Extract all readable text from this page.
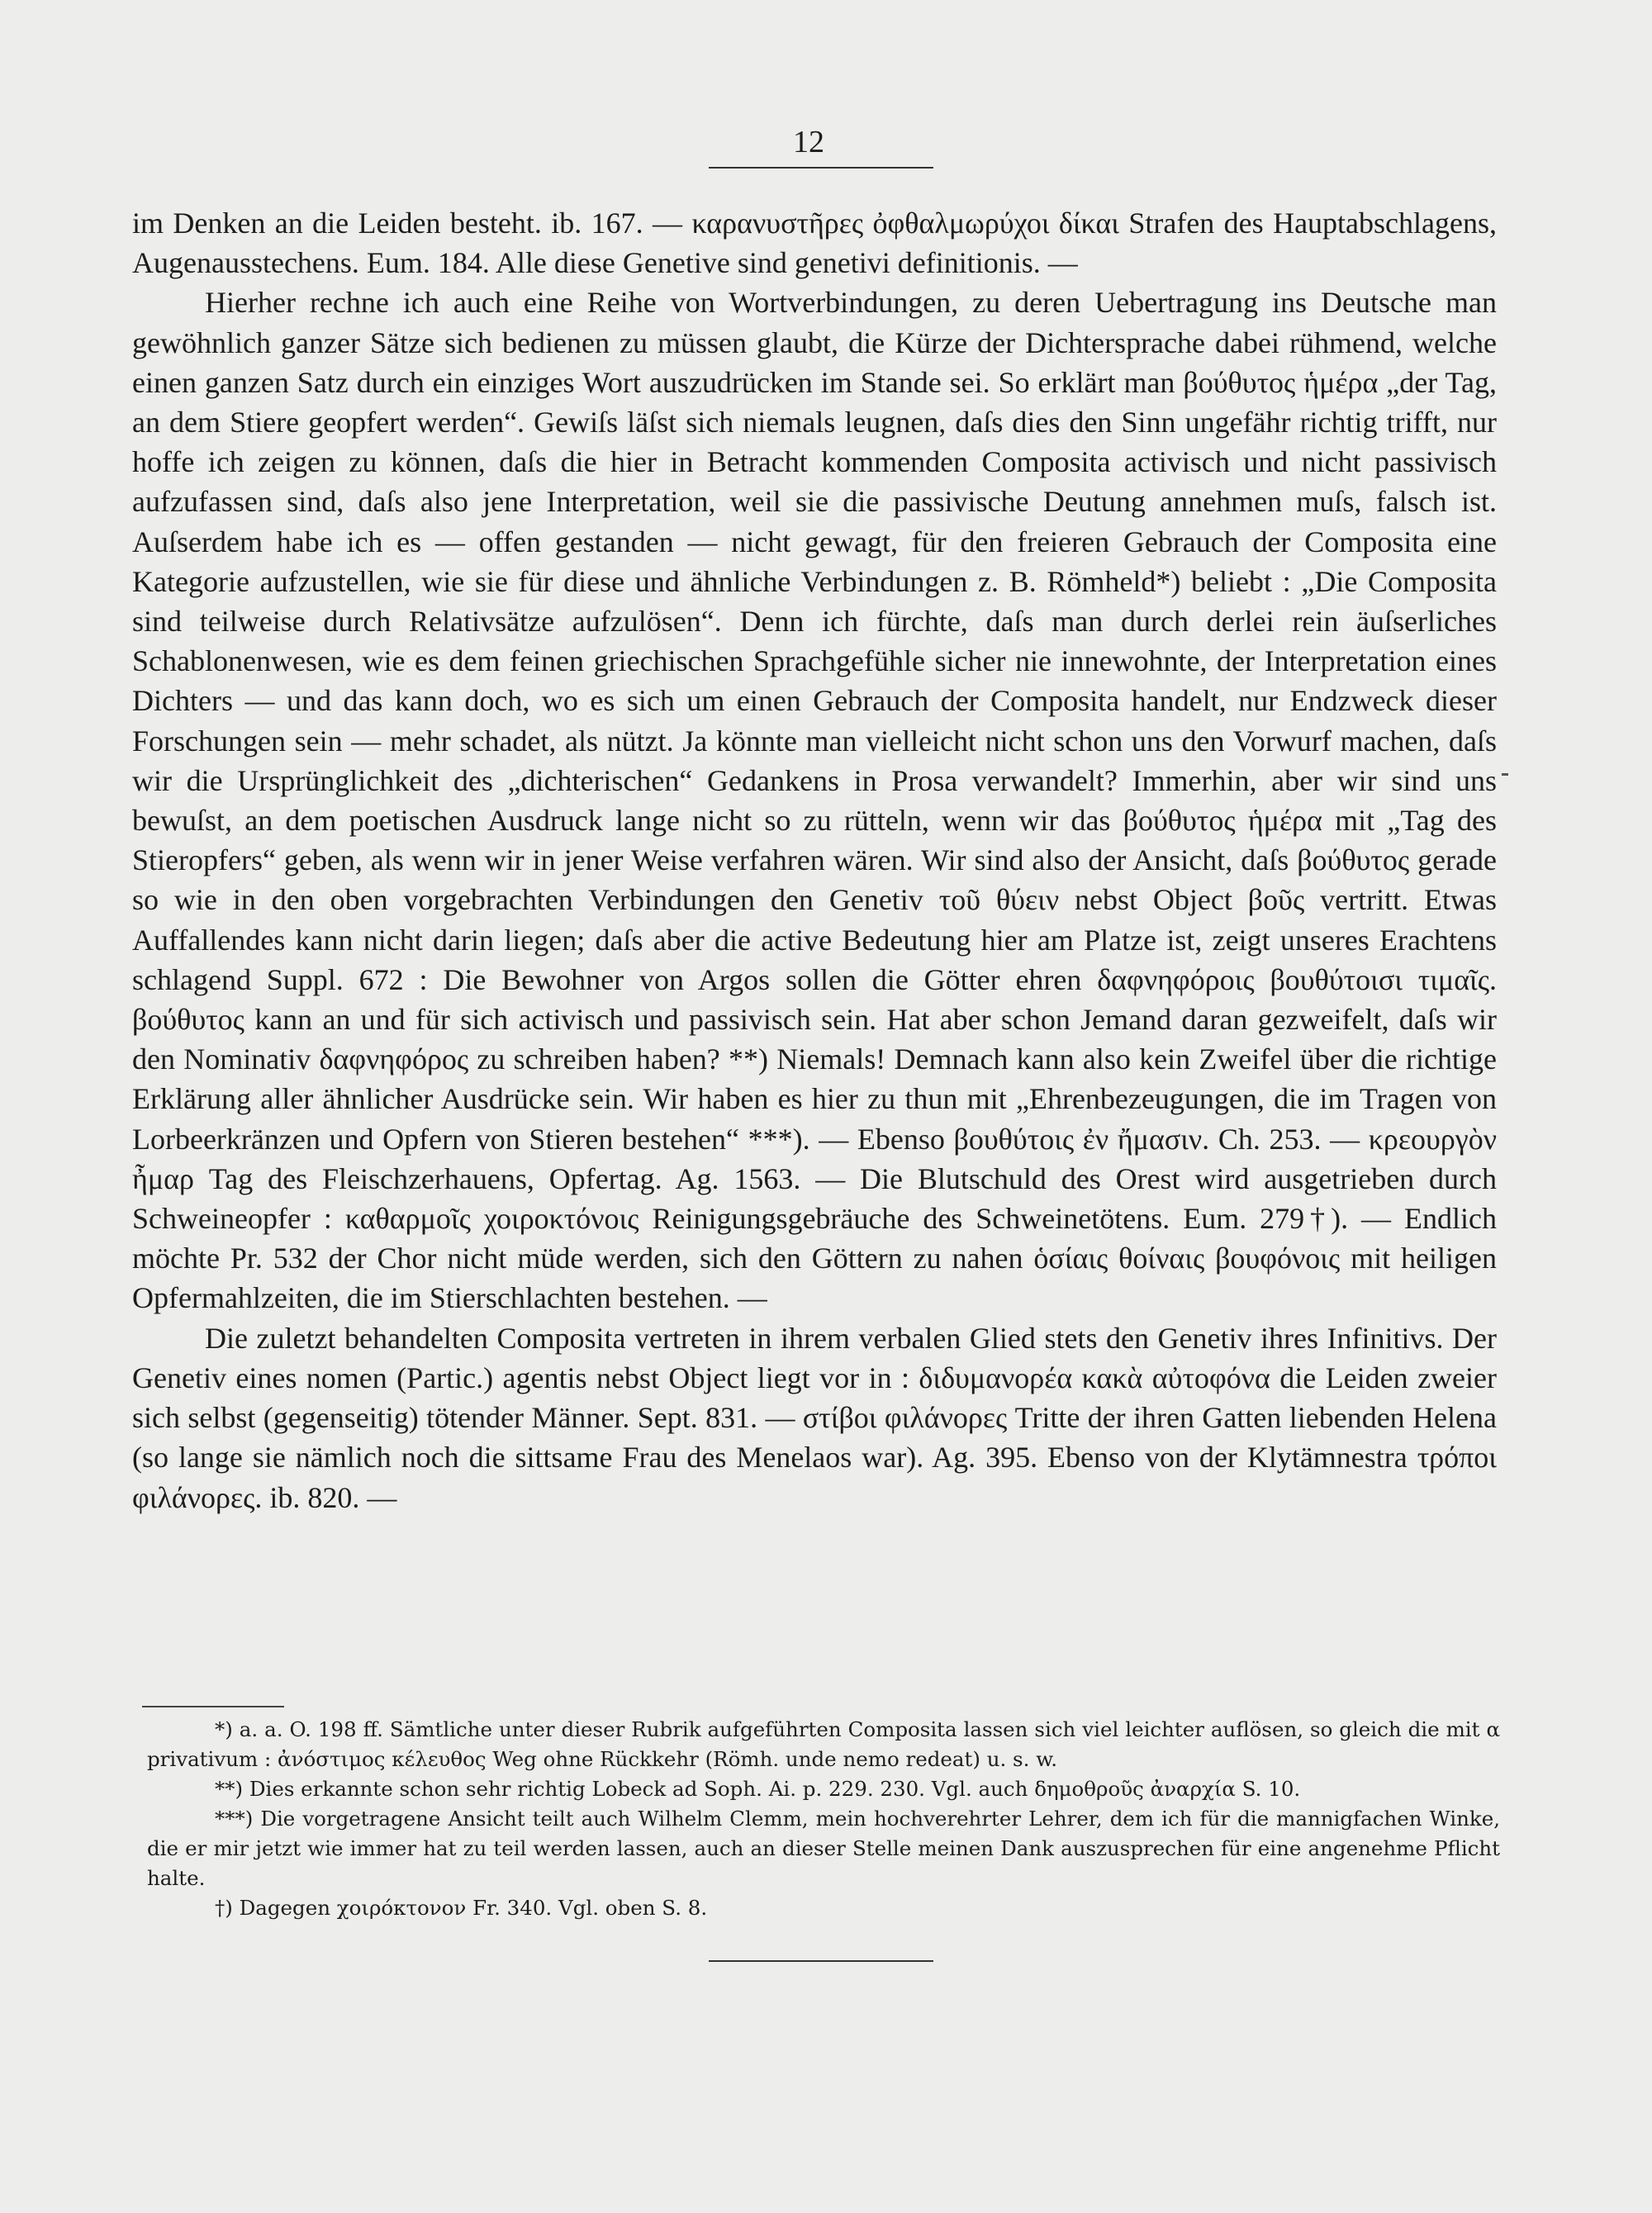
12

im Denken an die Leiden besteht. ib. 167. — καρανυστῆρες ὀφθαλμωρύχοι δίκαι Strafen des Hauptabschlagens, Augenausstechens. Eum. 184. Alle diese Genetive sind genetivi definitionis. —

Hierher rechne ich auch eine Reihe von Wortverbindungen, zu deren Uebertragung ins Deutsche man gewöhnlich ganzer Sätze sich bedienen zu müssen glaubt, die Kürze der Dichtersprache dabei rühmend, welche einen ganzen Satz durch ein einziges Wort auszudrücken im Stande sei. So erklärt man βούθυτος ἡμέρα „der Tag, an dem Stiere geopfert werden“. Gewiſs läſst sich niemals leugnen, daſs dies den Sinn ungefähr richtig trifft, nur hoffe ich zeigen zu können, daſs die hier in Betracht kommenden Composita activisch und nicht passivisch aufzufassen sind, daſs also jene Interpretation, weil sie die passivische Deutung annehmen muſs, falsch ist. Auſserdem habe ich es — offen gestanden — nicht gewagt, für den freieren Gebrauch der Composita eine Kategorie aufzustellen, wie sie für diese und ähnliche Verbindungen z. B. Römheld*) beliebt : „Die Composita sind teilweise durch Relativsätze aufzulösen“. Denn ich fürchte, daſs man durch derlei rein äuſserliches Schablonenwesen, wie es dem feinen griechischen Sprachgefühle sicher nie innewohnte, der Interpretation eines Dichters — und das kann doch, wo es sich um einen Gebrauch der Composita handelt, nur Endzweck dieser Forschungen sein — mehr schadet, als nützt. Ja könnte man vielleicht nicht schon uns den Vorwurf machen, daſs wir die Ursprünglichkeit des „dichterischen“ Gedankens in Prosa verwandelt? Immerhin, aber wir sind uns bewuſst, an dem poetischen Ausdruck lange nicht so zu rütteln, wenn wir das βούθυτος ἡμέρα mit „Tag des Stieropfers“ geben, als wenn wir in jener Weise verfahren wären. Wir sind also der Ansicht, daſs βούθυτος gerade so wie in den oben vorgebrachten Verbindungen den Genetiv τοῦ θύειν nebst Object βοῦς vertritt. Etwas Auffallendes kann nicht darin liegen; daſs aber die active Bedeutung hier am Platze ist, zeigt unseres Erachtens schlagend Suppl. 672 : Die Bewohner von Argos sollen die Götter ehren δαφνηφόροις βουθύτοισι τιμαῖς. βούθυτος kann an und für sich activisch und passivisch sein. Hat aber schon Jemand daran gezweifelt, daſs wir den Nominativ δαφνηφόρος zu schreiben haben? **) Niemals! Demnach kann also kein Zweifel über die richtige Erklärung aller ähnlicher Ausdrücke sein. Wir haben es hier zu thun mit „Ehrenbezeugungen, die im Tragen von Lorbeerkränzen und Opfern von Stieren bestehen“ ***). — Ebenso βουθύτοις ἐν ἤμασιν. Ch. 253. — κρεουργὸν ἦμαρ Tag des Fleischzerhauens, Opfertag. Ag. 1563. — Die Blutschuld des Orest wird ausgetrieben durch Schweineopfer : καθαρμοῖς χοιροκτόνοις Reinigungsgebräuche des Schweinetötens. Eum. 279†). — Endlich möchte Pr. 532 der Chor nicht müde werden, sich den Göttern zu nahen ὁσίαις θοίναις βουφόνοις mit heiligen Opfermahlzeiten, die im Stierschlachten bestehen. —

Die zuletzt behandelten Composita vertreten in ihrem verbalen Glied stets den Genetiv ihres Infinitivs. Der Genetiv eines nomen (Partic.) agentis nebst Object liegt vor in : διδυμανορέα κακὰ αὐτοφόνα die Leiden zweier sich selbst (gegenseitig) tötender Männer. Sept. 831. — στίβοι φιλάνορες Tritte der ihren Gatten liebenden Helena (so lange sie nämlich noch die sittsame Frau des Menelaos war). Ag. 395. Ebenso von der Klytämnestra τρόποι φιλάνορες. ib. 820. —

*) a. a. O. 198 ff. Sämtliche unter dieser Rubrik aufgeführten Composita lassen sich viel leichter auflösen, so gleich die mit α privativum : ἀνόστιμος κέλευθος Weg ohne Rückkehr (Römh. unde nemo redeat) u. s. w.

**) Dies erkannte schon sehr richtig Lobeck ad Soph. Ai. p. 229. 230. Vgl. auch δημοθροῦς ἀναρχία S. 10.

***) Die vorgetragene Ansicht teilt auch Wilhelm Clemm, mein hochverehrter Lehrer, dem ich für die mannigfachen Winke, die er mir jetzt wie immer hat zu teil werden lassen, auch an dieser Stelle meinen Dank auszusprechen für eine angenehme Pflicht halte.

†) Dagegen χοιρόκτονον Fr. 340. Vgl. oben S. 8.
